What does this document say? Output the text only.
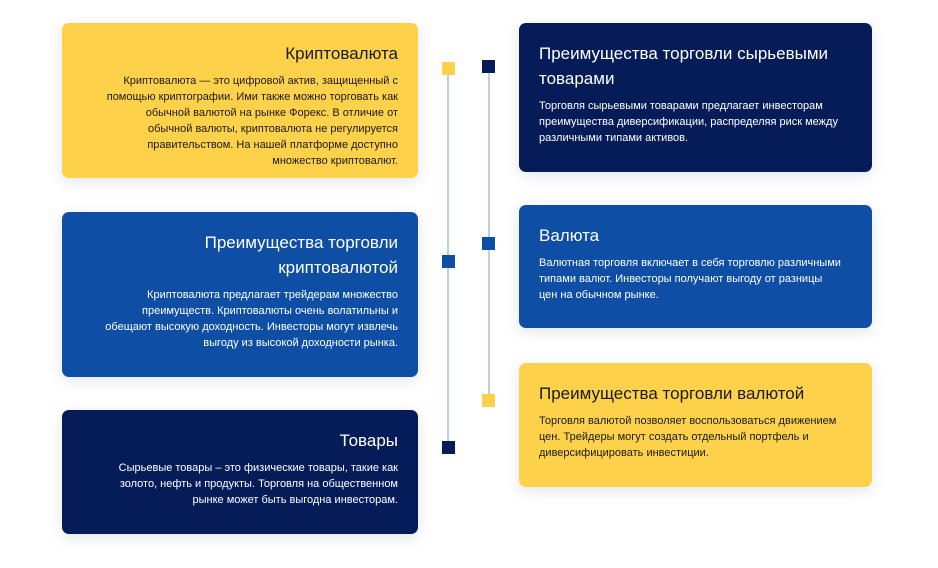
Криптовалюта

Криптовалюта — это цифровой актив, защищенный с помощью криптографии. Ими также можно торговать как обычной валютой на рынке Форекс. В отличие от обычной валюты, криптовалюта не регулируется правительством. На нашей платформе доступно множество криптовалют.

Преимущества торговли криптовалютой

Криптовалюта предлагает трейдерам множество преимуществ. Криптовалюты очень волатильны и обещают высокую доходность. Инвесторы могут извлечь выгоду из высокой доходности рынка.

Товары

Сырьевые товары – это физические товары, такие как золото, нефть и продукты. Торговля на общественном рынке может быть выгодна инвесторам.

Преимущества торговли сырьевыми товарами

Торговля сырьевыми товарами предлагает инвесторам преимущества диверсификации, распределяя риск между различными типами активов.

Валюта

Валютная торговля включает в себя торговлю различными типами валют. Инвесторы получают выгоду от разницы цен на обычном рынке.

Преимущества торговли валютой

Торговля валютой позволяет воспользоваться движением цен. Трейдеры могут создать отдельный портфель и диверсифицировать инвестиции.
